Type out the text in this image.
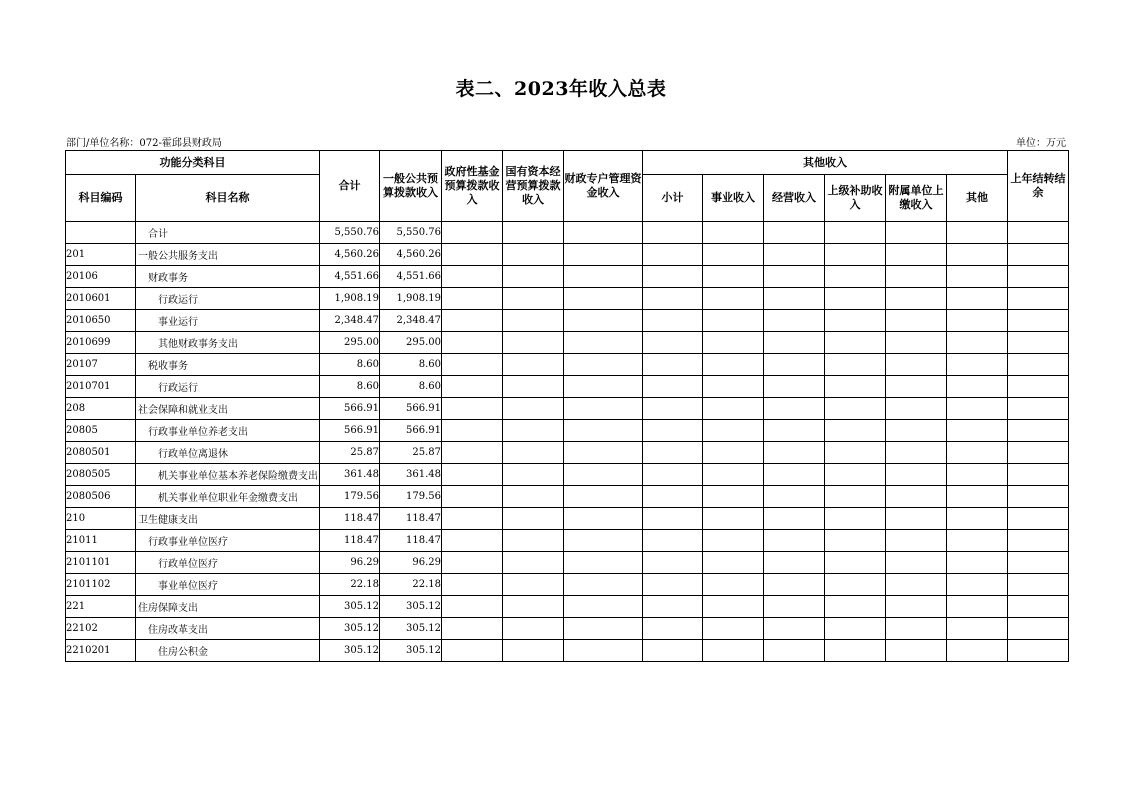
表二、2023年收入总表
部门/单位名称：072-霍邱县财政局	单位：万元
功能分类科目		合计	一般公共预算拨款收入	政府性基金预算拨款收入	国有资本经营预算拨款收入	财政专户管理资金收入	其他收入						上年结转结余
科目编码	科目名称						小计	事业收入	经营收入	上级补助收入	附属单位上缴收入	其他	
	合计	5,550.76	5,550.76										
201	一般公共服务支出	4,560.26	4,560.26										
20106	财政事务	4,551.66	4,551.66										
2010601	行政运行	1,908.19	1,908.19										
2010650	事业运行	2,348.47	2,348.47										
2010699	其他财政事务支出	295.00	295.00										
20107	税收事务	8.60	8.60										
2010701	行政运行	8.60	8.60										
208	社会保障和就业支出	566.91	566.91										
20805	行政事业单位养老支出	566.91	566.91										
2080501	行政单位离退休	25.87	25.87										
2080505	机关事业单位基本养老保险缴费支出	361.48	361.48										
2080506	机关事业单位职业年金缴费支出	179.56	179.56										
210	卫生健康支出	118.47	118.47										
21011	行政事业单位医疗	118.47	118.47										
2101101	行政单位医疗	96.29	96.29										
2101102	事业单位医疗	22.18	22.18										
221	住房保障支出	305.12	305.12										
22102	住房改革支出	305.12	305.12										
2210201	住房公积金	305.12	305.12										
